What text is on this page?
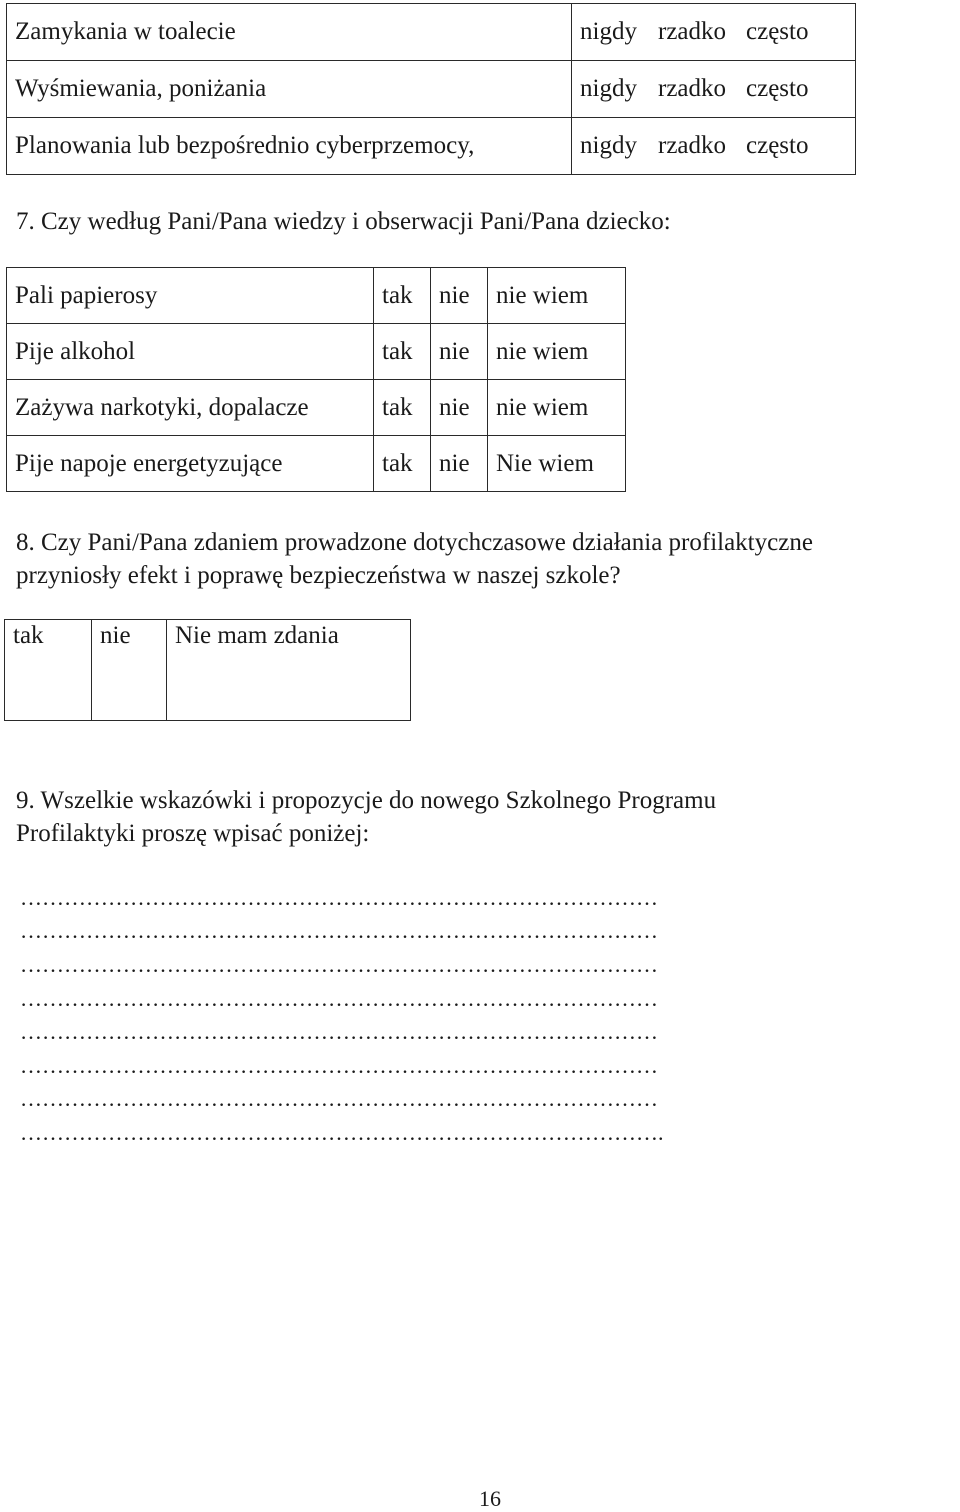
Zamykania w toalecie	nigdy	rzadko	często
Wyśmiewania, poniżania	nigdy	rzadko	często
Planowania lub bezpośrednio cyberprzemocy,	nigdy	rzadko	często

7. Czy według Pani/Pana wiedzy i obserwacji Pani/Pana dziecko:

Pali papierosy	tak	nie	nie wiem
Pije alkohol	tak	nie	nie wiem
Zażywa narkotyki, dopalacze	tak	nie	nie wiem
Pije napoje energetyzujące	tak	nie	Nie wiem

8. Czy Pani/Pana zdaniem prowadzone dotychczasowe działania profilaktyczne

przyniosły efekt i poprawę bezpieczeństwa w naszej szkole?

tak	nie	Nie mam zdania

9. Wszelkie wskazówki i propozycje do nowego Szkolnego Programu

Profilaktyki proszę wpisać poniżej:

……………………………………………………………………………
……………………………………………………………………………
……………………………………………………………………………
……………………………………………………………………………
……………………………………………………………………………
……………………………………………………………………………
……………………………………………………………………………
…………………………………………………………………………….
16
